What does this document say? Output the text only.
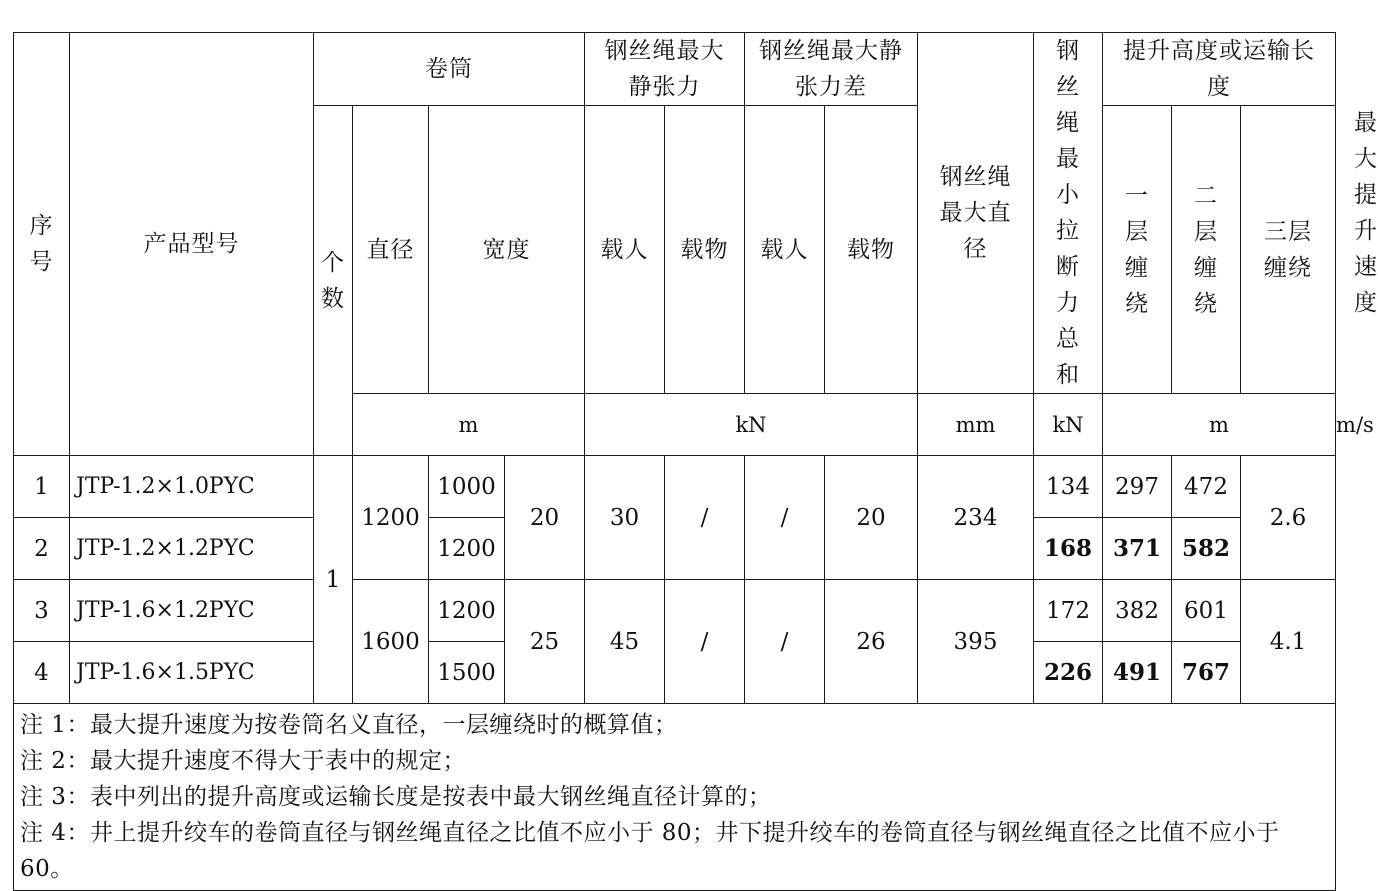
序号	产品型号	卷筒				钢丝绳最大静张力		钢丝绳最大静张力差		钢丝绳最大直径	钢丝绳最小拉断力总和	提升高度或运输长度			最大提升速度
		个数	直径	宽度		载人	载物	载人	载物			一层缠绕	二层缠绕	三层缠绕	
			m			kN				mm	kN	m			m/s
1	JTP-1.2×1.0PYC	1	1200	1000	20	30	/	/	20	234	134	297	472	2.6	
2	JTP-1.2×1.2PYC			1200							168	371	582		
3	JTP-1.6×1.2PYC		1600	1200	25	45	/	/	26	395	172	382	601	4.1	
4	JTP-1.6×1.5PYC			1500							226	491	767		

注 1：最大提升速度为按卷筒名义直径，一层缠绕时的概算值；
注 2：最大提升速度不得大于表中的规定；
注 3：表中列出的提升高度或运输长度是按表中最大钢丝绳直径计算的；
注 4：井上提升绞车的卷筒直径与钢丝绳直径之比值不应小于 80；井下提升绞车的卷筒直径与钢丝绳直径之比值不应小于 60。															
